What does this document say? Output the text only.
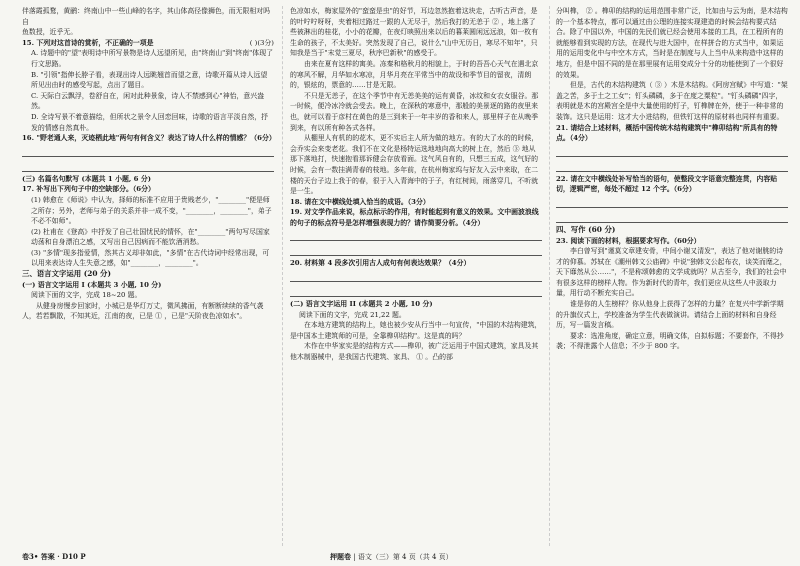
伴落霞孤鹜，黄鹂：终南山中一些山峰的名字，其山体高径像狮色，而无限相对吗自

鱼数授，近乎无。

15. 下列对这首诗的赏析，不正确的一项是	( )(3分)

A. 诗题中的"望"表明诗中所写景物是诗人远望所见，由"终南山"到"终南"体现了行文思路。

B. "引领"指伸长脖子看，表现出诗人远眺翘首而望之意，诗歌开篇从诗人远望所见出由时的感受写起，点出了题目。

C. 天际白云飘浮，卷舒自在，闲对此种景象，诗人不禁感到心"神怡，意兴盎然。

D. 全诗写景不着意描绘，但所状之景令人回恋回味，诗歌的语言平淡自然，抒发的情感自然真朴。

16. "野老通人来，灭迹栖此地"两句有何含义？表达了诗人什么样的情感？（6分）

(三) 名篇名句默写 (本题共 1 小题, 6 分)

17. 补写出下列句子中的空缺部分。（6分）

(1) 韩愈在《师说》中认为，择师的标准不应用于贵贱老少，"________"便是师之所存；另外，老师与弟子的关系并非一成不变，"________，________"，弟子不必不如师"。

(2) 杜甫在《登高》中抒发了自己壮国忧民的情怀，在"________"两句写尽国家动荡和自身漂泊之感，又写出自己因病而不能饮酒消愁。

(3) "多情"现多指爱情，然其古义却非如此，"多情"在古代诗词中经常出现，可以用来表达诗人生失意之感，如"________，________"。

三、语言文字运用 (20 分)

(一) 语言文字运用 I (本题共 3 小题, 10 分)

阅读下面的文字，完成 18~20 题。

从健身房慢步回家时，小城已是华灯万丈，微风拂面，有断断续续的香气袭人，若若飘散，不知其近，江南的夜，已是 ① ，已是"天阶夜色凉如水"。

色凉如水，梅家屋外的"蛮蛮是虫"的好节，耳边忽然抱着这块走，古听古声音，是的叶咛咛呀呀，夹着相过路过一跟的人无尽于，然后我打的无恙于 ② ，地上落了些被淋出的桂花，小小的花瓣，在夜灯映照出来以后的暮莱圆闲远远浪，如一枚有生命的孩子，不太美好。突然发现了自己，说什么"山中无历日，寒尽不知年"，只知我是当于"末觉三夏尽，秋序巴新秋"的感受于。

由来在夏有这样的寓美。冻秦和格秋月的相貌上，于时的吾吾心天气在遇北京的寒风不解，月华如水寒凉，月华月亮在平常当中的故设和季节目的留夜，清朗的，银炫的，票意的……甘是无限。

不只是无恙子，在这个季节中有无恙美美的运有黄昏，冰纹和女衣女服谷。那一时候，便冷冰冷就会受去。晚上，在深秋的寒意中，那般的美景逐的路的夜里来也，就可以看于彦村在黄色的是三到来于一年丰岁的香和来人，那里样子在从晚季到来，有以所有种各式各样。

从棚里人有机的的花木，更不实后主人所为做的地方。有的大了水的的时候，会乔实会来变老花。我们不在文化是杨特运选地地向高大的树上在，然后 ③ 地从那下落地打，快速抱看那诉健会存放看面。这气风自有的，只想三五成，这气好的时候，会有一数挂满青春的枝地。多年前，在杭州梅家坞与好友入云中来取，在二楼的天台子边上我于的春，很于入入青海中的于子，有红树间，雨落穿几，不听就是一生。

18. 请在文中横线处填入恰当的成语。（3分）

19. 对文学作品来说，标点标示的作用，有时能起到有意义的效果。文中画波浪线的句子的标点符号是怎样增强表现力的？请作简要分析。（4分）

20. 材料第 4 段多次引用古人成句有何表达效果？（4分）

(二) 语言文字运用 II (本题共 2 小题, 10 分)

阅读下面的文字，完成 21,22 题。

在本地方建筑的结构上，她也被少安从行当中一句宣传，"中国的木结构建筑，是中国本土建筑师的可是，全靠榫卯结构"。这是真的吗？

木作在中华家实是的结构方式——榫卯，被广泛运用于中国式建筑，家具及其他木制器械中，是我国古代建筑、家具、 ① 。凸的部

分叫榫， ② 。榫卯的结构的运用范围非常广泛，比如由与云为南，是木结构的一个基本特点，都可以通过由公理的连接实现建造的时候会结构要式结合。除了中国以外，中国的先民们就已经会使用本接的工具，在工程所有的就能够看到实现的方法，在现代与进大国中，在样拼合的方式当中，如果运用的运用变化中与中空木方式，当时是在制度与人上当中从来构造中这样的地方，但是中国不同的是在那里展有运用变成分十分的功能使到了一个很好的效果。

但是，古代的木结构建筑（ ③ ）木是木结构。《阿房宫赋》中写道："架盖之苦，多于土之工女"；钉头磷磷，多于在度之粟粒"。"钉头磷磷"四字，表明就是木的宫殿宫全是中大量使用的钉子，钉榫牌在外，使于一种非常的装饰。这只是运用：这才大小进结构，但铁钉这样的原材料也同样有重要。

21. 请结合上述材料，概括中国传统木结构建筑中"榫卯结构"所具有的特点。（4分）

22. 请在文中横线处补写恰当的语句，使整段文字语意完整连贯，内容贴切，逻辑严密，每处不超过 12 个字。（6分）

四、写作 (60 分)

23. 阅读下面的材料，根据要求写作。（60分）

李白曾写到"谨莫文章建安骨，中间小谢又清发"，表达了他对谢朓的诗才的仰慕。苏轼在《潮州韩文公庙碑》中说"独韩文公起布衣，谈笑而麾之，天下靡然从公……"，不是称颂韩愈的文学成就吗？从古至今，我们的社会中有很多这样的榜样人物。作为新时代的青年，我们更应从这些人中汲取力量，用行动不断充实自己。

谁是你的人生榜样？你从他身上获得了怎样的力量？在复兴中学新学期的升旗仪式上，学校准备为学生代表做演讲。请结合上面的材料和自身经历，写一篇发言稿。

要求：选准角度，确定立意，明确文体，自拟标题；不要套作，不得抄袭；不得泄露个人信息；不少于 800 字。

卷3• 答案 · D10 P	押题卷 | 语文（三）第 4 页（共 4 页）
